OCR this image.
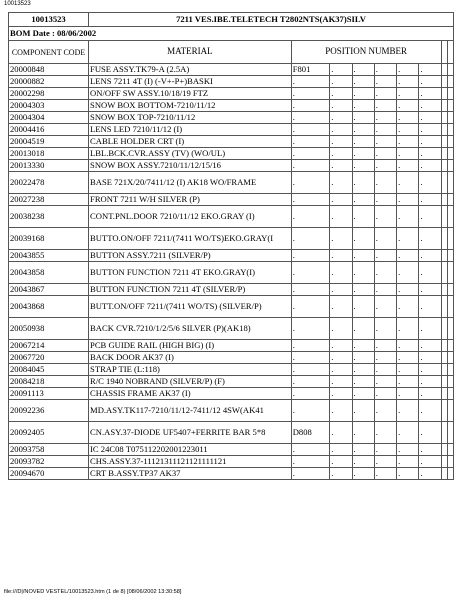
10013523
10013523	7211 VES.IBE.TELETECH T2802NTS(AK37)SILV								
BOM Date : 08/06/2002									
COMPONENT CODE	MATERIAL	POSITION NUMBER							
20000848	FUSE ASSY.TK79-A (2.5A)	F801	.	.	.	.	.		
20000882	LENS 7211 4T (I) (-V+-P+)BASKI	.	.	.	.	.	.		
20002298	ON/OFF SW ASSY.10/18/19 FTZ	.	.	.	.	.	.		
20004303	SNOW BOX BOTTOM-7210/11/12	.	.	.	.	.	.		
20004304	SNOW BOX TOP-7210/11/12	.	.	.	.	.	.		
20004416	LENS LED 7210/11/12 (I)	.	.	.	.	.	.		
20004519	CABLE HOLDER CRT (I)	.	.	.	.	.	.		
20013018	LBL.BCK.CVR.ASSY (TV) (WO/UL)	.	.	.	.	.	.		
20013330	SNOW BOX ASSY.7210/11/12/15/16	.	.	.	.	.	.		
20022478	BASE 721X/20/7411/12 (I) AK18 WO/FRAME	.	.	.	.	.	.		
20027238	FRONT 7211 W/H SILVER (P)	.	.	.	.	.	.		
20038238	CONT.PNL.DOOR 7210/11/12 EKO.GRAY (I)	.	.	.	.	.	.		
20039168	BUTTO.ON/OFF 7211/(7411 WO/TS)EKO.GRAY(I	.	.	.	.	.	.		
20043855	BUTTON ASSY.7211 (SILVER/P)	.	.	.	.	.	.		
20043858	BUTTON FUNCTION 7211 4T EKO.GRAY(I)	.	.	.	.	.	.		
20043867	BUTTON FUNCTION 7211 4T (SILVER/P)	.	.	.	.	.	.		
20043868	BUTT.ON/OFF 7211/(7411 WO/TS) (SILVER/P)	.	.	.	.	.	.		
20050938	BACK CVR.7210/1/2/5/6 SILVER (P)(AK18)	.	.	.	.	.	.		
20067214	PCB GUIDE RAIL (HIGH BIG) (I)	.	.	.	.	.	.		
20067720	BACK DOOR AK37 (I)	.	.	.	.	.	.		
20084045	STRAP TIE (L:118)	.	.	.	.	.	.		
20084218	R/C 1940 NOBRAND (SILVER/P) (F)	.	.	.	.	.	.		
20091113	CHASSIS FRAME AK37 (I)	.	.	.	.	.	.		
20092236	MD.ASY.TK117-7210/11/12-7411/12 4SW(AK41	.	.	.	.	.	.		
20092405	CN.ASY.37-DIODE UF5407+FERRITE BAR 5*8	D808	.	.	.	.	.		
20093758	IC 24C08 T075112202001223011	.	.	.	.	.	.		
20093782	CHS.ASSY.37-11121311121121111121	.	.	.	.	.	.		
20094670	CRT B.ASSY.TP37 AK37	.	.	.	.	.	.		
file:///D|/NOVED VESTEL/10013523.htm (1 de 8) [08/06/2002 13:30:58]
